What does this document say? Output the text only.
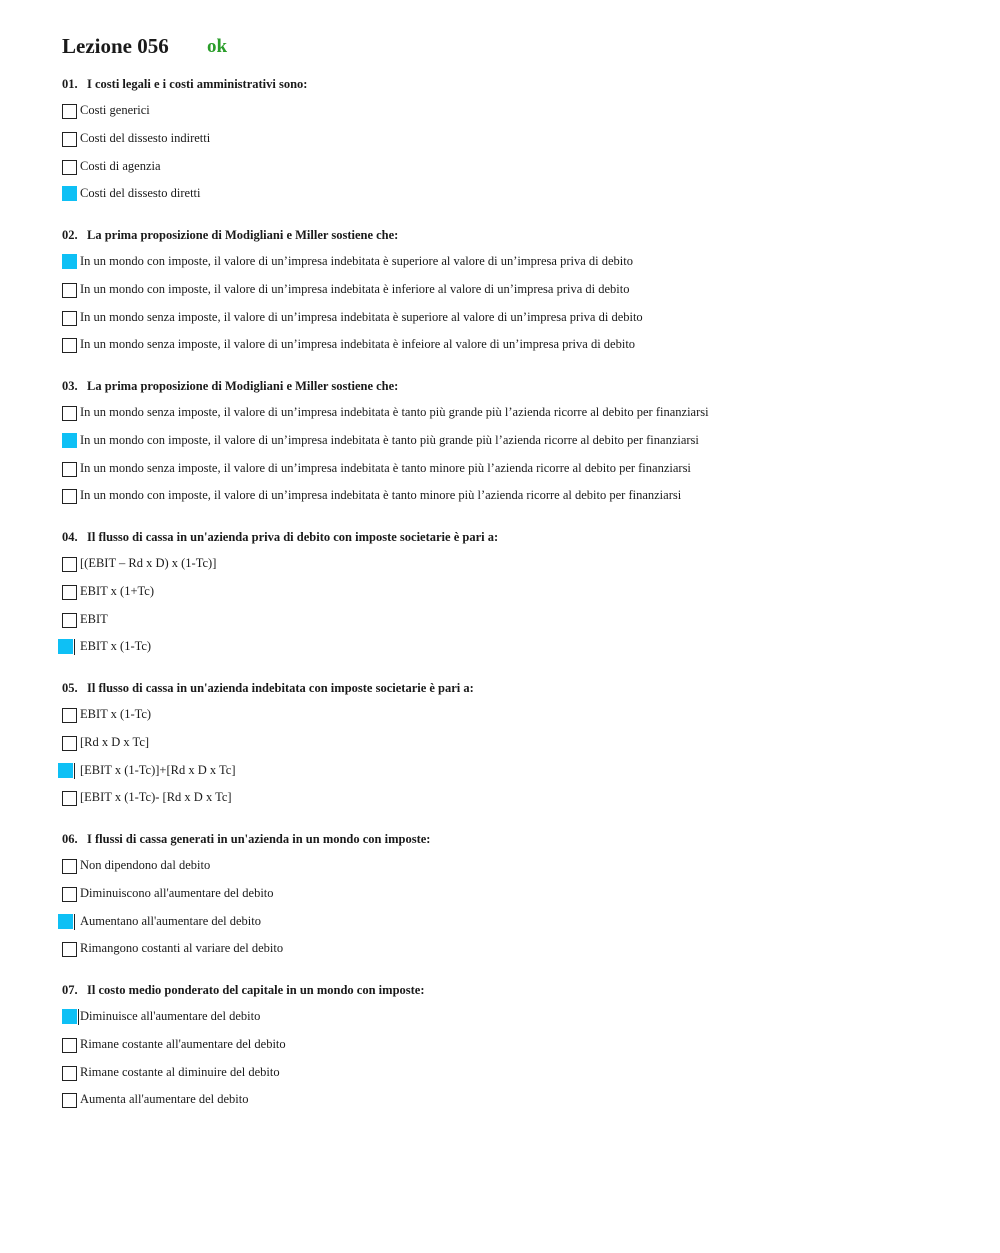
Lezione 056 ok
01. I costi legali e i costi amministrativi sono:
Costi generici
Costi del dissesto indiretti
Costi di agenzia
Costi del dissesto diretti
02. La prima proposizione di Modigliani e Miller sostiene che:
In un mondo con imposte, il valore di un’impresa indebitata è superiore al valore di un’impresa priva di debito
In un mondo con imposte, il valore di un’impresa indebitata è inferiore al valore di un’impresa priva di debito
In un mondo senza imposte, il valore di un’impresa indebitata è superiore al valore di un’impresa priva di debito
In un mondo senza imposte, il valore di un’impresa indebitata è infeiore al valore di un’impresa priva di debito
03. La prima proposizione di Modigliani e Miller sostiene che:
In un mondo senza imposte, il valore di un’impresa indebitata è tanto più grande più l’azienda ricorre al debito per finanziarsi
In un mondo con imposte, il valore di un’impresa indebitata è tanto più grande più l’azienda ricorre al debito per finanziarsi
In un mondo senza imposte, il valore di un’impresa indebitata è tanto minore più l’azienda ricorre al debito per finanziarsi
In un mondo con imposte, il valore di un’impresa indebitata è tanto minore più l’azienda ricorre al debito per finanziarsi
04. Il flusso di cassa in un'azienda priva di debito con imposte societarie è pari a:
[(EBIT – Rd x D) x (1-Tc)]
EBIT x (1+Tc)
EBIT
EBIT x (1-Tc)
05. Il flusso di cassa in un'azienda indebitata con imposte societarie è pari a:
EBIT x (1-Tc)
[Rd x D x Tc]
[EBIT x (1-Tc)]+[Rd x D x Tc]
[EBIT x (1-Tc)- [Rd x D x Tc]
06. I flussi di cassa generati in un'azienda in un mondo con imposte:
Non dipendono dal debito
Diminuiscono all'aumentare del debito
Aumentano all'aumentare del debito
Rimangono costanti al variare del debito
07. Il costo medio ponderato del capitale in un mondo con imposte:
Diminuisce all'aumentare del debito
Rimane costante all'aumentare del debito
Rimane costante al diminuire del debito
Aumenta all'aumentare del debito
